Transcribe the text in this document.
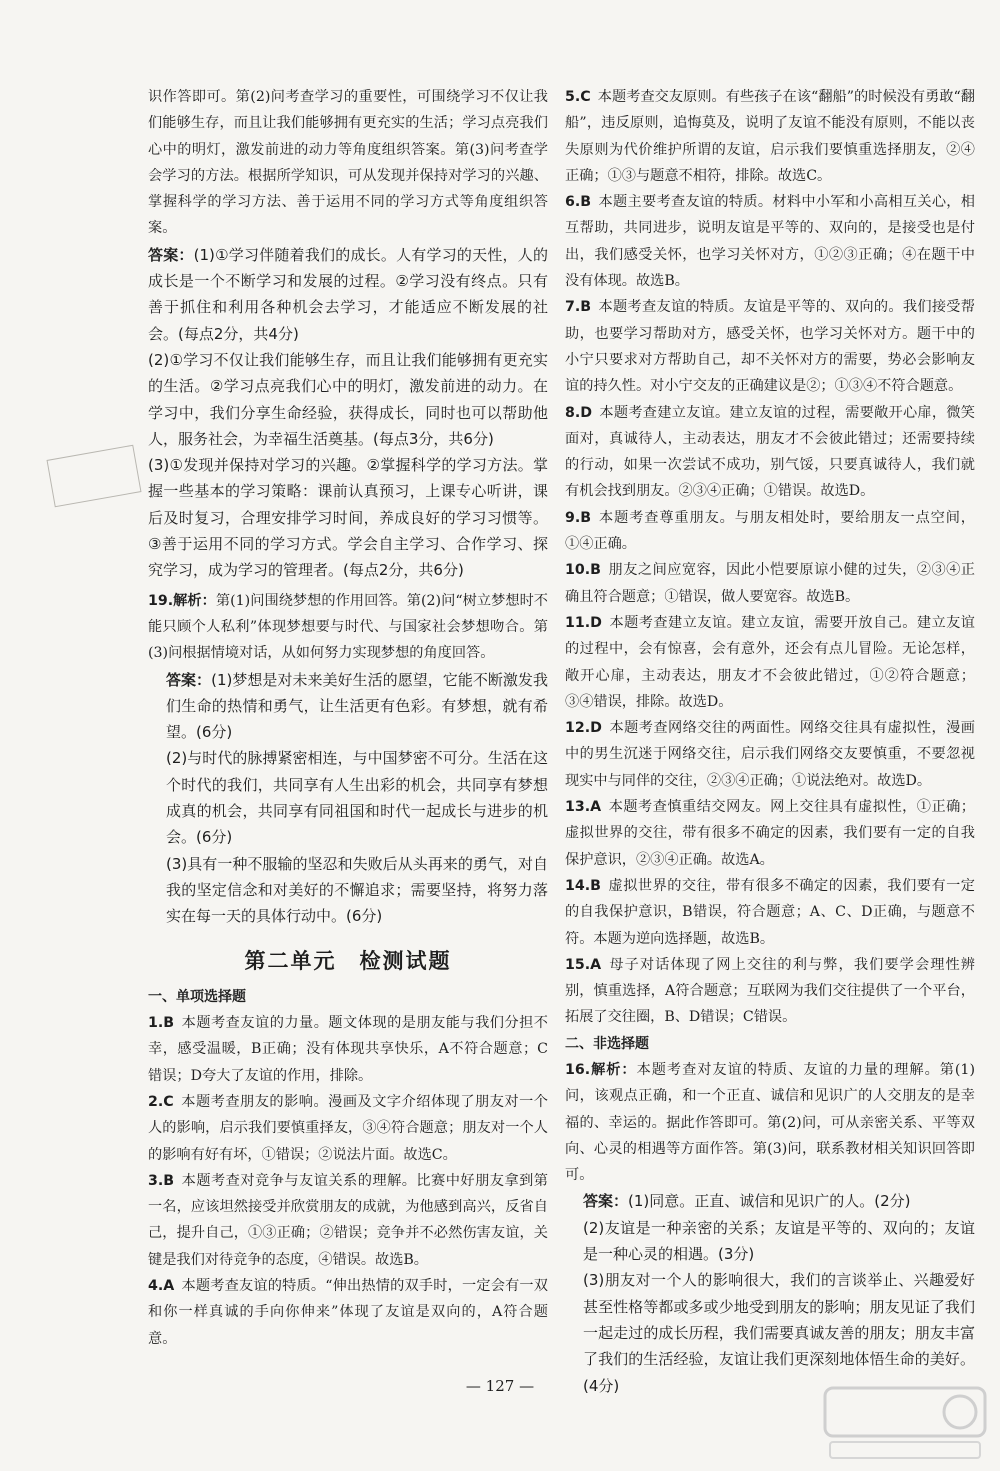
识作答即可。第(2)问考查学习的重要性，可围绕学习不仅让我们能够生存，而且让我们能够拥有更充实的生活；学习点亮我们心中的明灯，激发前进的动力等角度组织答案。第(3)问考查学会学习的方法。根据所学知识，可从发现并保持对学习的兴趣、掌握科学的学习方法、善于运用不同的学习方式等角度组织答案。

答案：(1)①学习伴随着我们的成长。人有学习的天性，人的成长是一个不断学习和发展的过程。②学习没有终点。只有善于抓住和利用各种机会去学习，才能适应不断发展的社会。(每点2分，共4分)

(2)①学习不仅让我们能够生存，而且让我们能够拥有更充实的生活。②学习点亮我们心中的明灯，激发前进的动力。在学习中，我们分享生命经验，获得成长，同时也可以帮助他人，服务社会，为幸福生活奠基。(每点3分，共6分)

(3)①发现并保持对学习的兴趣。②掌握科学的学习方法。掌握一些基本的学习策略：课前认真预习，上课专心听讲，课后及时复习，合理安排学习时间，养成良好的学习习惯等。③善于运用不同的学习方式。学会自主学习、合作学习、探究学习，成为学习的管理者。(每点2分，共6分)

19.解析：第(1)问围绕梦想的作用回答。第(2)问“树立梦想时不能只顾个人私利”体现梦想要与时代、与国家社会梦想吻合。第(3)问根据情境对话，从如何努力实现梦想的角度回答。

答案：(1)梦想是对未来美好生活的愿望，它能不断激发我们生命的热情和勇气，让生活更有色彩。有梦想，就有希望。(6分)

(2)与时代的脉搏紧密相连，与中国梦密不可分。生活在这个时代的我们，共同享有人生出彩的机会，共同享有梦想成真的机会，共同享有同祖国和时代一起成长与进步的机会。(6分)

(3)具有一种不服输的坚忍和失败后从头再来的勇气，对自我的坚定信念和对美好的不懈追求；需要坚持，将努力落实在每一天的具体行动中。(6分)

第二单元　检测试题

一、单项选择题

1.B  本题考查友谊的力量。题文体现的是朋友能与我们分担不幸，感受温暖，B正确；没有体现共享快乐，A不符合题意；C错误；D夸大了友谊的作用，排除。

2.C  本题考查朋友的影响。漫画及文字介绍体现了朋友对一个人的影响，启示我们要慎重择友，③④符合题意；朋友对一个人的影响有好有坏，①错误；②说法片面。故选C。

3.B  本题考查对竞争与友谊关系的理解。比赛中好朋友拿到第一名，应该坦然接受并欣赏朋友的成就，为他感到高兴，反省自己，提升自己，①③正确；②错误；竞争并不必然伤害友谊，关键是我们对待竞争的态度，④错误。故选B。

4.A  本题考查友谊的特质。“伸出热情的双手时，一定会有一双和你一样真诚的手向你伸来”体现了友谊是双向的，A符合题意。

5.C  本题考查交友原则。有些孩子在该“翻船”的时候没有勇敢“翻船”，违反原则，追悔莫及，说明了友谊不能没有原则，不能以丧失原则为代价维护所谓的友谊，启示我们要慎重选择朋友，②④正确；①③与题意不相符，排除。故选C。

6.B  本题主要考查友谊的特质。材料中小军和小高相互关心，相互帮助，共同进步，说明友谊是平等的、双向的，是接受也是付出，我们感受关怀，也学习关怀对方，①②③正确；④在题干中没有体现。故选B。

7.B  本题考查友谊的特质。友谊是平等的、双向的。我们接受帮助，也要学习帮助对方，感受关怀，也学习关怀对方。题干中的小宁只要求对方帮助自己，却不关怀对方的需要，势必会影响友谊的持久性。对小宁交友的正确建议是②；①③④不符合题意。

8.D  本题考查建立友谊。建立友谊的过程，需要敞开心扉，微笑面对，真诚待人，主动表达，朋友才不会彼此错过；还需要持续的行动，如果一次尝试不成功，别气馁，只要真诚待人，我们就有机会找到朋友。②③④正确；①错误。故选D。

9.B  本题考查尊重朋友。与朋友相处时，要给朋友一点空间，①④正确。

10.B  朋友之间应宽容，因此小恺要原谅小健的过失，②③④正确且符合题意；①错误，做人要宽容。故选B。

11.D  本题考查建立友谊。建立友谊，需要开放自己。建立友谊的过程中，会有惊喜，会有意外，还会有点儿冒险。无论怎样，敞开心扉，主动表达，朋友才不会彼此错过，①②符合题意；③④错误，排除。故选D。

12.D  本题考查网络交往的两面性。网络交往具有虚拟性，漫画中的男生沉迷于网络交往，启示我们网络交友要慎重，不要忽视现实中与同伴的交往，②③④正确；①说法绝对。故选D。

13.A  本题考查慎重结交网友。网上交往具有虚拟性，①正确；虚拟世界的交往，带有很多不确定的因素，我们要有一定的自我保护意识，②③④正确。故选A。

14.B  虚拟世界的交往，带有很多不确定的因素，我们要有一定的自我保护意识，B错误，符合题意；A、C、D正确，与题意不符。本题为逆向选择题，故选B。

15.A  母子对话体现了网上交往的利与弊，我们要学会理性辨别，慎重选择，A符合题意；互联网为我们交往提供了一个平台，拓展了交往圈，B、D错误；C错误。

二、非选择题

16.解析：本题考查对友谊的特质、友谊的力量的理解。第(1)问，该观点正确，和一个正直、诚信和见识广的人交朋友的是幸福的、幸运的。据此作答即可。第(2)问，可从亲密关系、平等双向、心灵的相遇等方面作答。第(3)问，联系教材相关知识回答即可。

答案：(1)同意。正直、诚信和见识广的人。(2分)

(2)友谊是一种亲密的关系；友谊是平等的、双向的；友谊是一种心灵的相遇。(3分)

(3)朋友对一个人的影响很大，我们的言谈举止、兴趣爱好甚至性格等都或多或少地受到朋友的影响；朋友见证了我们一起走过的成长历程，我们需要真诚友善的朋友；朋友丰富了我们的生活经验，友谊让我们更深刻地体悟生命的美好。(4分)

— 127 —
